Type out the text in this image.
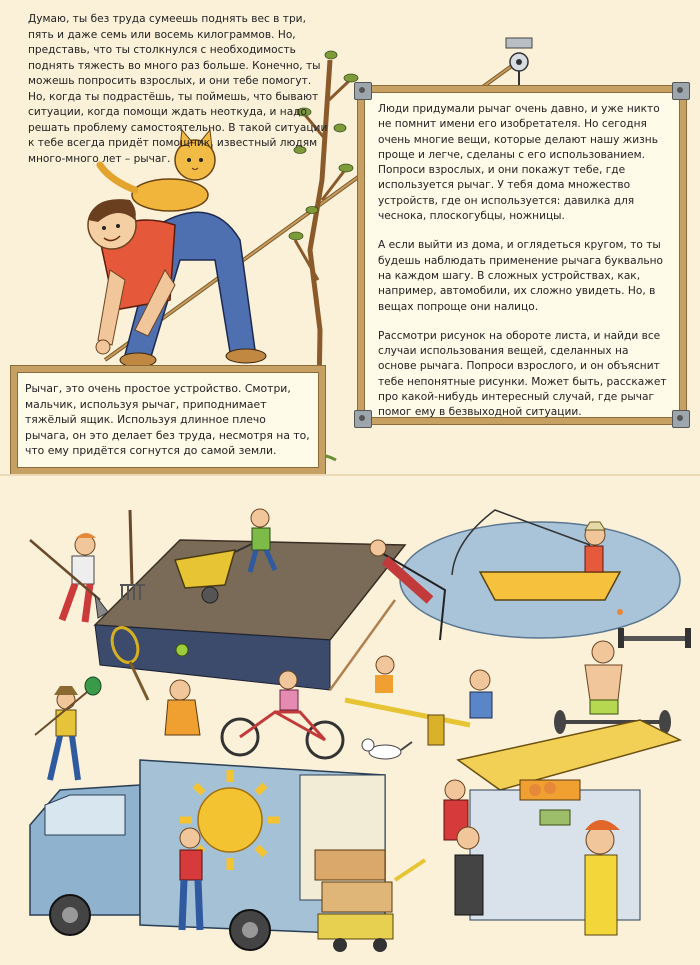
Думаю, ты без труда сумеешь поднять вес в три, пять и даже семь или восемь килограммов. Но, представь, что ты столкнулся с необходимость поднять тяжесть во много раз больше. Конечно, ты можешь попросить взрослых, и они тебе помогут. Но, когда ты подрастёшь, ты поймешь, что бывают ситуации, когда помощи ждать неоткуда, и надо решать проблему самостоятельно. В такой ситуации к тебе всегда придёт помощник, известный людям много-много лет – рычаг.
Рычаг, это очень простое устройство. Смотри, мальчик, используя рычаг, приподнимает тяжёлый ящик. Используя длинное плечо рычага, он это делает без труда, несмотря на то, что ему придётся согнутся до самой земли.

Люди придумали рычаг очень давно, и уже никто не помнит имени его изобретателя. Но сегодня очень многие вещи, которые делают нашу жизнь проще и легче, сделаны с его использованием. Попроси взрослых, и они покажут тебе, где используется рычаг. У тебя дома множество устройств, где он используется: давилка для чеснока, плоскогубцы, ножницы.

А если выйти из дома, и оглядеться кругом, то ты будешь наблюдать применение рычага буквально на каждом шагу. В сложных устройствах, как, например, автомобили, их сложно увидеть. Но, в вещах попроще они налицо.

Рассмотри рисунок на обороте листа, и найди все случаи использования вещей, сделанных на основе рычага. Попроси взрослого, и он объяснит тебе непонятные рисунки. Может быть, расскажет про какой-нибудь интересный случай, где рычаг помог ему в безвыходной ситуации.
